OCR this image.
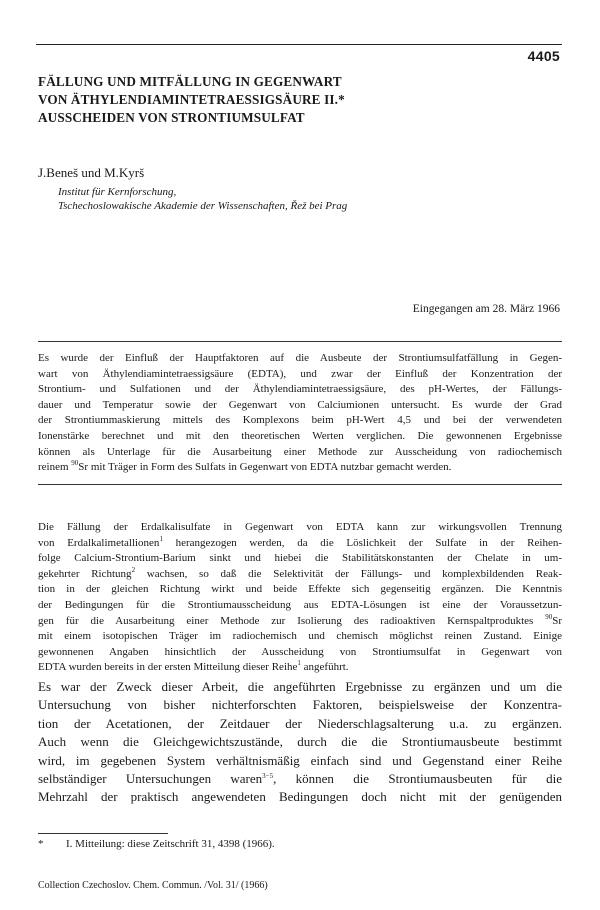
4405
FÄLLUNG UND MITFÄLLUNG IN GEGENWART
VON ÄTHYLENDIAMINTETRAESSIGSÄURE II.*
AUSSCHEIDEN VON STRONTIUMSULFAT
J.Beneš und M.Kyrš
Institut für Kernforschung,
Tschechoslowakische Akademie der Wissenschaften, Řež bei Prag
Eingegangen am 28. März 1966
Es wurde der Einfluß der Hauptfaktoren auf die Ausbeute der Strontiumsulfatfällung in Gegen-
wart von Äthylendiamintetraessigsäure (EDTA), und zwar der Einfluß der Konzentration der
Strontium- und Sulfationen und der Äthylendiamintetraessigsäure, des pH-Wertes, der Fällungs-
dauer und Temperatur sowie der Gegenwart von Calciumionen untersucht. Es wurde der Grad
der Strontiummaskierung mittels des Komplexons beim pH-Wert 4,5 und bei der verwendeten
Ionenstärke berechnet und mit den theoretischen Werten verglichen. Die gewonnenen Ergebnisse
können als Unterlage für die Ausarbeitung einer Methode zur Ausscheidung von radiochemisch
reinem $^{90}$Sr mit Träger in Form des Sulfats in Gegenwart von EDTA nutzbar gemacht werden.
Die Fällung der Erdalkalisulfate in Gegenwart von EDTA kann zur wirkungsvollen Trennung
von Erdalkalimetallionen$^1$ herangezogen werden, da die Löslichkeit der Sulfate in der Reihen-
folge Calcium-Strontium-Barium sinkt und hiebei die Stabilitätskonstanten der Chelate in um-
gekehrter Richtung$^2$ wachsen, so daß die Selektivität der Fällungs- und komplexbildenden Reak-
tion in der gleichen Richtung wirkt und beide Effekte sich gegenseitig ergänzen. Die Kenntnis
der Bedingungen für die Strontiumausscheidung aus EDTA-Lösungen ist eine der Voraussetzun-
gen für die Ausarbeitung einer Methode zur Isolierung des radioaktiven Kernspaltproduktes $^{90}$Sr
mit einem isotopischen Träger im radiochemisch und chemisch möglichst reinen Zustand. Einige
gewonnenen Angaben hinsichtlich der Ausscheidung von Strontiumsulfat in Gegenwart von
EDTA wurden bereits in der ersten Mitteilung dieser Reihe$^1$ angeführt.
Es war der Zweck dieser Arbeit, die angeführten Ergebnisse zu ergänzen und um die
Untersuchung von bisher nichterforschten Faktoren, beispielsweise der Konzentra-
tion der Acetationen, der Zeitdauer der Niederschlagsalterung u.a. zu ergänzen.
Auch wenn die Gleichgewichtszustände, durch die die Strontiumausbeute bestimmt
wird, im gegebenen System verhältnismäßig einfach sind und Gegenstand einer Reihe
selbständiger Untersuchungen waren$^{3-5}$, können die Strontiumausbeuten für die
Mehrzahl der praktisch angewendeten Bedingungen doch nicht mit der genügenden
* I. Mitteilung: diese Zeitschrift 31, 4398 (1966).
Collection Czechoslov. Chem. Commun. /Vol. 31/ (1966)
